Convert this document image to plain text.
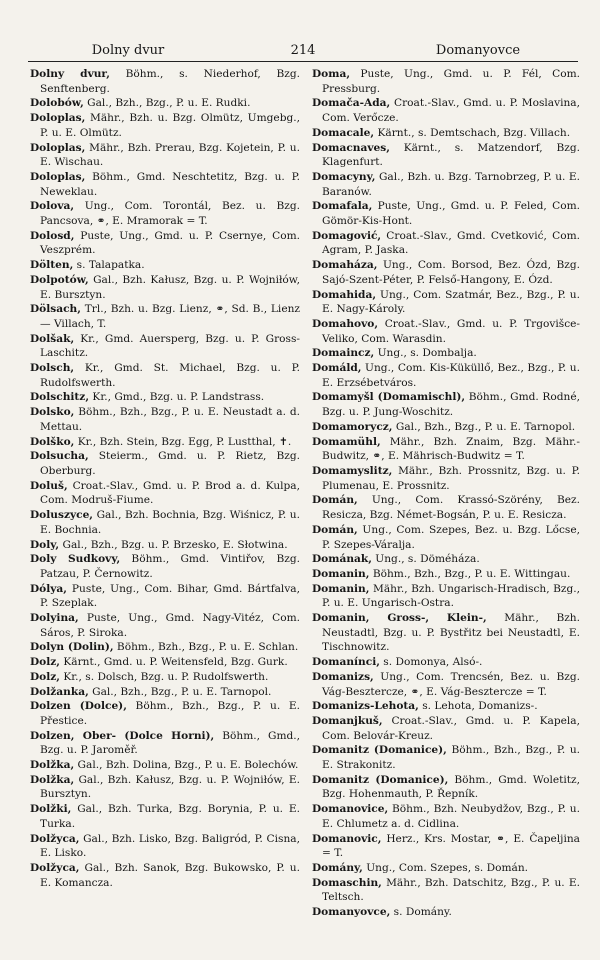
Dolny dvur	214	Domanyovce
Dolny dvur, Böhm., s. Niederhof, Bzg. Senftenberg.
Dolobów, Gal., Bzh., Bzg., P. u. E. Rudki.
Doloplas, Mähr., Bzh. u. Bzg. Olmütz, Umgebg., P. u. E. Olmütz.
Doloplas, Mähr., Bzh. Prerau, Bzg. Kojetein, P. u. E. Wischau.
Doloplas, Böhm., Gmd. Neschtetitz, Bzg. u. P. Neweklau.
Dolova, Ung., Com. Torontál, Bez. u. Bzg. Pancsova, ⚭, E. Mramorak = T.
Dolosd, Puste, Ung., Gmd. u. P. Csernye, Com. Veszprém.
Dölten, s. Talapatka.
Dolpotów, Gal., Bzh. Kałusz, Bzg. u. P. Wojniłów, E. Bursztyn.
Dölsach, Trl., Bzh. u. Bzg. Lienz, ⚭, Sd. B., Lienz — Villach, T.
Dolšak, Kr., Gmd. Auersperg, Bzg. u. P. Gross-Laschitz.
Dolsch, Kr., Gmd. St. Michael, Bzg. u. P. Rudolfswerth.
Dolschitz, Kr., Gmd., Bzg. u. P. Landstrass.
Dolsko, Böhm., Bzh., Bzg., P. u. E. Neustadt a. d. Mettau.
Dolško, Kr., Bzh. Stein, Bzg. Egg, P. Lustthal, ✝.
Dolsucha, Steierm., Gmd. u. P. Rietz, Bzg. Oberburg.
Doluš, Croat.-Slav., Gmd. u. P. Brod a. d. Kulpa, Com. Modruš-Fiume.
Doluszyce, Gal., Bzh. Bochnia, Bzg. Wiśnicz, P. u. E. Bochnia.
Doly, Gal., Bzh., Bzg. u. P. Brzesko, E. Słotwina.
Doly Sudkovy, Böhm., Gmd. Vintiřov, Bzg. Patzau, P. Černowitz.
Dólya, Puste, Ung., Com. Bihar, Gmd. Bártfalva, P. Szeplak.
Dolyina, Puste, Ung., Gmd. Nagy-Vitéz, Com. Sáros, P. Siroka.
Dolyn (Dolin), Böhm., Bzh., Bzg., P. u. E. Schlan.
Dolz, Kärnt., Gmd. u. P. Weitensfeld, Bzg. Gurk.
Dolz, Kr., s. Dolsch, Bzg. u. P. Rudolfswerth.
Dolžanka, Gal., Bzh., Bzg., P. u. E. Tarnopol.
Dolzen (Dolce), Böhm., Bzh., Bzg., P. u. E. Přestice.
Dolzen, Ober- (Dolce Horni), Böhm., Gmd., Bzg. u. P. Jaroměř.
Dolžka, Gal., Bzh. Dolina, Bzg., P. u. E. Bolechów.
Dolžka, Gal., Bzh. Kałusz, Bzg. u. P. Wojniłów, E. Bursztyn.
Dolžki, Gal., Bzh. Turka, Bzg. Borynia, P. u. E. Turka.
Dolžyca, Gal., Bzh. Lisko, Bzg. Baligród, P. Cisna, E. Lisko.
Dolžyca, Gal., Bzh. Sanok, Bzg. Bukowsko, P. u. E. Komancza.
Doma, Puste, Ung., Gmd. u. P. Fél, Com. Pressburg.
Domača-Ada, Croat.-Slav., Gmd. u. P. Moslavina, Com. Verőcze.
Domacale, Kärnt., s. Demtschach, Bzg. Villach.
Domacnaves, Kärnt., s. Matzendorf, Bzg. Klagenfurt.
Domacyny, Gal., Bzh. u. Bzg. Tarnobrzeg, P. u. E. Baranów.
Domafala, Puste, Ung., Gmd. u. P. Feled, Com. Gömör-Kis-Hont.
Domagović, Croat.-Slav., Gmd. Cvetković, Com. Agram, P. Jaska.
Domaháza, Ung., Com. Borsod, Bez. Ózd, Bzg. Sajó-Szent-Péter, P. Felső-Hangony, E. Ózd.
Domahida, Ung., Com. Szatmár, Bez., Bzg., P. u. E. Nagy-Károly.
Domahovo, Croat.-Slav., Gmd. u. P. Trgovišce-Veliko, Com. Warasdin.
Domaincz, Ung., s. Dombalja.
Domáld, Ung., Com. Kis-Küküllő, Bez., Bzg., P. u. E. Erzsébetváros.
Domamyšl (Domamischl), Böhm., Gmd. Rodné, Bzg. u. P. Jung-Woschitz.
Domamorycz, Gal., Bzh., Bzg., P. u. E. Tarnopol.
Domamühl, Mähr., Bzh. Znaim, Bzg. Mähr.-Budwitz, ⚭, E. Mährisch-Budwitz = T.
Domamyslitz, Mähr., Bzh. Prossnitz, Bzg. u. P. Plumenau, E. Prossnitz.
Domán, Ung., Com. Krassó-Szörény, Bez. Resicza, Bzg. Német-Bogsán, P. u. E. Resicza.
Domán, Ung., Com. Szepes, Bez. u. Bzg. Lőcse, P. Szepes-Váralja.
Domának, Ung., s. Döméháza.
Domanin, Böhm., Bzh., Bzg., P. u. E. Wittingau.
Domanin, Mähr., Bzh. Ungarisch-Hradisch, Bzg., P. u. E. Ungarisch-Ostra.
Domanin, Gross-, Klein-, Mähr., Bzh. Neustadtl, Bzg. u. P. Bystřitz bei Neustadtl, E. Tischnowitz.
Domanínci, s. Domonya, Alsó-.
Domanizs, Ung., Com. Trencsén, Bez. u. Bzg. Vág-Besztercze, ⚭, E. Vág-Besztercze = T.
Domanizs-Lehota, s. Lehota, Domanizs-.
Domanjkuš, Croat.-Slav., Gmd. u. P. Kapela, Com. Belovár-Kreuz.
Domanitz (Domanice), Böhm., Bzh., Bzg., P. u. E. Strakonitz.
Domanitz (Domanice), Böhm., Gmd. Woletitz, Bzg. Hohenmauth, P. Řepník.
Domanovice, Böhm., Bzh. Neubydžov, Bzg., P. u. E. Chlumetz a. d. Cidlina.
Domanovic, Herz., Krs. Mostar, ⚭, E. Čapeljina = T.
Domány, Ung., Com. Szepes, s. Domán.
Domaschin, Mähr., Bzh. Datschitz, Bzg., P. u. E. Teltsch.
Domanyovce, s. Domány.
